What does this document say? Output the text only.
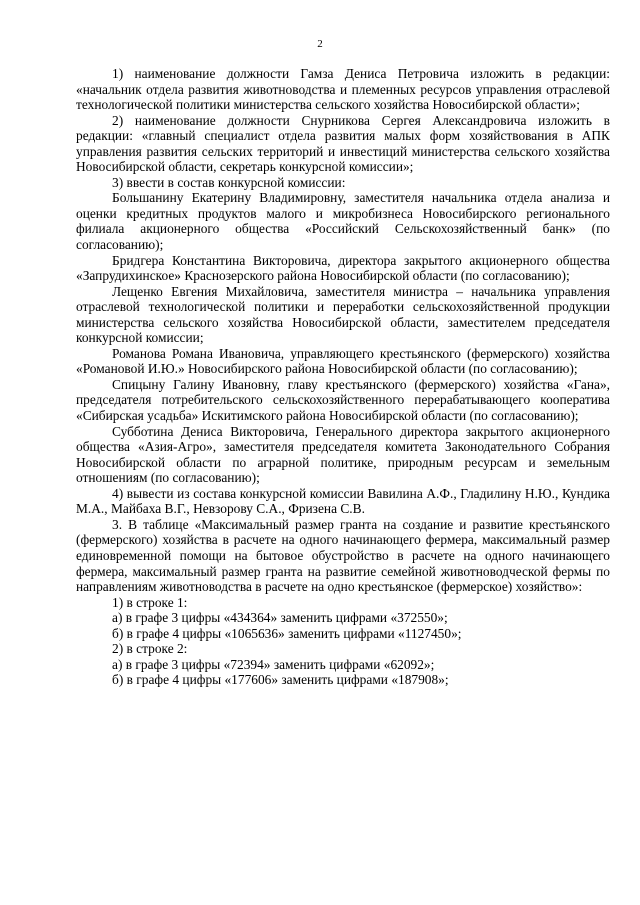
2

1) наименование должности Гамза Дениса Петровича изложить в редакции: «начальник отдела развития животноводства и племенных ресурсов управления отраслевой технологической политики министерства сельского хозяйства Новосибирской области»;

2) наименование должности Снурникова Сергея Александровича изложить в редакции: «главный специалист отдела развития малых форм хозяйствования в АПК управления развития сельских территорий и инвестиций министерства сельского хозяйства Новосибирской области, секретарь конкурсной комиссии»;

3) ввести в состав конкурсной комиссии:

Большанину Екатерину Владимировну, заместителя начальника отдела анализа и оценки кредитных продуктов малого и микробизнеса Новосибирского регионального филиала акционерного общества «Российский Сельскохозяйственный банк» (по согласованию);

Бридгера Константина Викторовича, директора закрытого акционерного общества «Запрудихинское» Краснозерского района Новосибирской области (по согласованию);

Лещенко Евгения Михайловича, заместителя министра – начальника управления отраслевой технологической политики и переработки сельскохозяйственной продукции министерства сельского хозяйства Новосибирской области, заместителем председателя конкурсной комиссии;

Романова Романа Ивановича, управляющего крестьянского (фермерского) хозяйства «Романовой И.Ю.» Новосибирского района Новосибирской области (по согласованию);

Спицыну Галину Ивановну, главу крестьянского (фермерского) хозяйства «Гана», председателя потребительского сельскохозяйственного перерабатывающего кооператива «Сибирская усадьба» Искитимского района Новосибирской области (по согласованию);

Субботина Дениса Викторовича, Генерального директора закрытого акционерного общества «Азия-Агро», заместителя председателя комитета Законодательного Собрания Новосибирской области по аграрной политике, природным ресурсам и земельным отношениям (по согласованию);

4) вывести из состава конкурсной комиссии Вавилина А.Ф., Гладилину Н.Ю., Кундика М.А., Майбаха В.Г., Невзорову С.А., Фризена С.В.

3. В таблице «Максимальный размер гранта на создание и развитие крестьянского (фермерского) хозяйства в расчете на одного начинающего фермера, максимальный размер единовременной помощи на бытовое обустройство в расчете на одного начинающего фермера, максимальный размер гранта на развитие семейной животноводческой фермы по направлениям животноводства в расчете на одно крестьянское (фермерское) хозяйство»:

1) в строке 1:

а) в графе 3 цифры «434364» заменить цифрами «372550»;

б) в графе 4 цифры «1065636» заменить цифрами «1127450»;

2) в строке 2:

а) в графе 3 цифры «72394» заменить цифрами «62092»;

б) в графе 4 цифры «177606» заменить цифрами «187908»;
